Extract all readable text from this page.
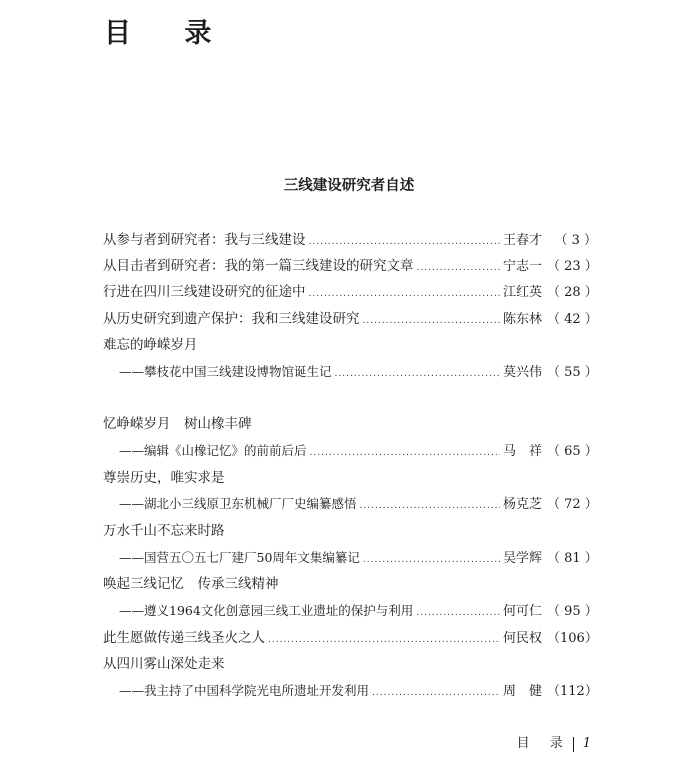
目 录
三线建设研究者自述
从参与者到研究者：我与三线建设 .....	王春才 （ 3 ）
从目击者到研究者：我的第一篇三线建设的研究文章 .....	宁志一 （ 23 ）
行进在四川三线建设研究的征途中 .....	江红英 （ 28 ）
从历史研究到遗产保护：我和三线建设研究 .....	陈东林 （ 42 ）
难忘的峥嵘岁月
——攀枝花中国三线建设博物馆诞生记 .....	莫兴伟 （ 55 ）
忆峥嵘岁月　树山橡丰碑
——编辑《山橡记忆》的前前后后 .....	马　祥 （ 65 ）
尊崇历史，唯实求是
——湖北小三线原卫东机械厂厂史编纂感悟 .....	杨克芝 （ 72 ）
万水千山不忘来时路
——国营五〇五七厂建厂50周年文集编纂记 .....	吴学辉 （ 81 ）
唤起三线记忆　传承三线精神
——遵义1964文化创意园三线工业遗址的保护与利用 .....	何可仁 （ 95 ）
此生愿做传递三线圣火之人 .....	何民权 （106）
从四川雾山深处走来
——我主持了中国科学院光电所遗址开发利用 .....	周　健 （112）
目 录 1
